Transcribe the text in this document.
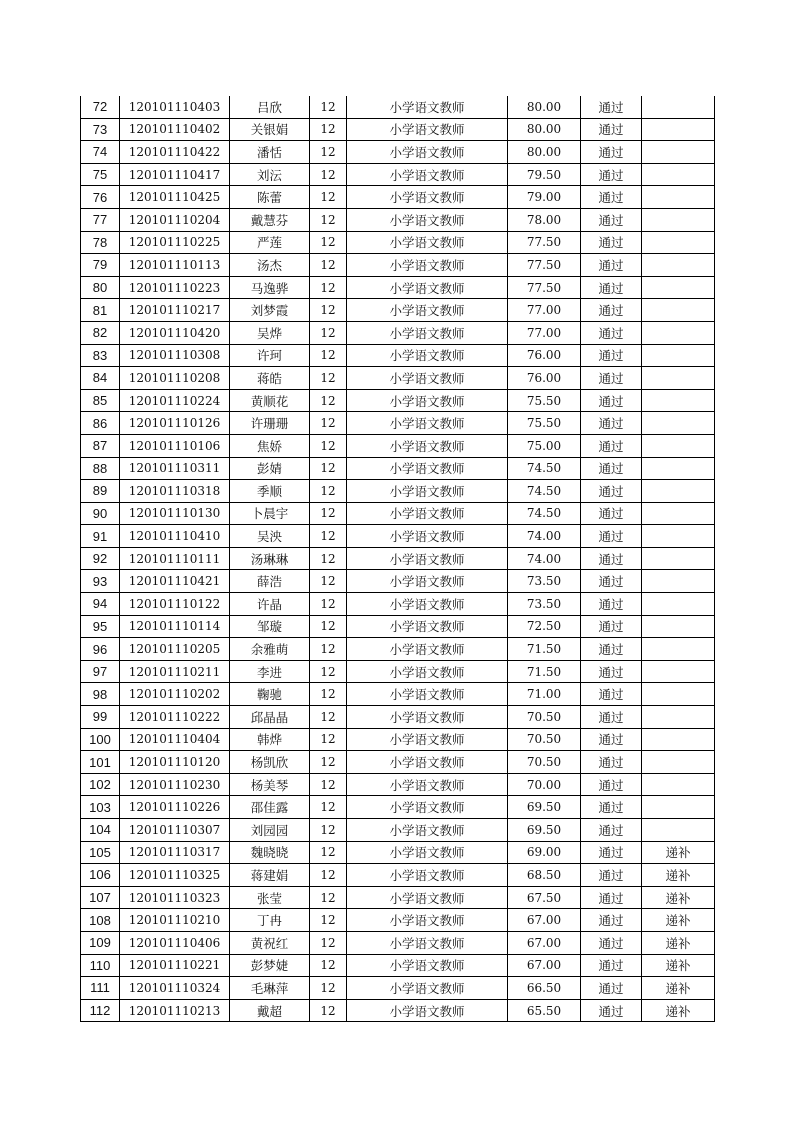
72	120101110403	吕欣	12	小学语文教师	80.00	通过	
73	120101110402	关银娟	12	小学语文教师	80.00	通过	
74	120101110422	潘恬	12	小学语文教师	80.00	通过	
75	120101110417	刘沄	12	小学语文教师	79.50	通过	
76	120101110425	陈蕾	12	小学语文教师	79.00	通过	
77	120101110204	戴慧芬	12	小学语文教师	78.00	通过	
78	120101110225	严莲	12	小学语文教师	77.50	通过	
79	120101110113	汤杰	12	小学语文教师	77.50	通过	
80	120101110223	马逸骅	12	小学语文教师	77.50	通过	
81	120101110217	刘梦霞	12	小学语文教师	77.00	通过	
82	120101110420	吴烨	12	小学语文教师	77.00	通过	
83	120101110308	许珂	12	小学语文教师	76.00	通过	
84	120101110208	蒋皓	12	小学语文教师	76.00	通过	
85	120101110224	黄顺花	12	小学语文教师	75.50	通过	
86	120101110126	许珊珊	12	小学语文教师	75.50	通过	
87	120101110106	焦娇	12	小学语文教师	75.00	通过	
88	120101110311	彭婧	12	小学语文教师	74.50	通过	
89	120101110318	季顺	12	小学语文教师	74.50	通过	
90	120101110130	卜晨宇	12	小学语文教师	74.50	通过	
91	120101110410	吴泱	12	小学语文教师	74.00	通过	
92	120101110111	汤琳琳	12	小学语文教师	74.00	通过	
93	120101110421	薛浩	12	小学语文教师	73.50	通过	
94	120101110122	许晶	12	小学语文教师	73.50	通过	
95	120101110114	邹璇	12	小学语文教师	72.50	通过	
96	120101110205	余雅萌	12	小学语文教师	71.50	通过	
97	120101110211	李进	12	小学语文教师	71.50	通过	
98	120101110202	鞠驰	12	小学语文教师	71.00	通过	
99	120101110222	邱晶晶	12	小学语文教师	70.50	通过	
100	120101110404	韩烨	12	小学语文教师	70.50	通过	
101	120101110120	杨凯欣	12	小学语文教师	70.50	通过	
102	120101110230	杨美琴	12	小学语文教师	70.00	通过	
103	120101110226	邵佳露	12	小学语文教师	69.50	通过	
104	120101110307	刘园园	12	小学语文教师	69.50	通过	
105	120101110317	魏晓晓	12	小学语文教师	69.00	通过	递补
106	120101110325	蒋建娟	12	小学语文教师	68.50	通过	递补
107	120101110323	张莹	12	小学语文教师	67.50	通过	递补
108	120101110210	丁冉	12	小学语文教师	67.00	通过	递补
109	120101110406	黄祝红	12	小学语文教师	67.00	通过	递补
110	120101110221	彭梦婕	12	小学语文教师	67.00	通过	递补
111	120101110324	毛琳萍	12	小学语文教师	66.50	通过	递补
112	120101110213	戴超	12	小学语文教师	65.50	通过	递补
